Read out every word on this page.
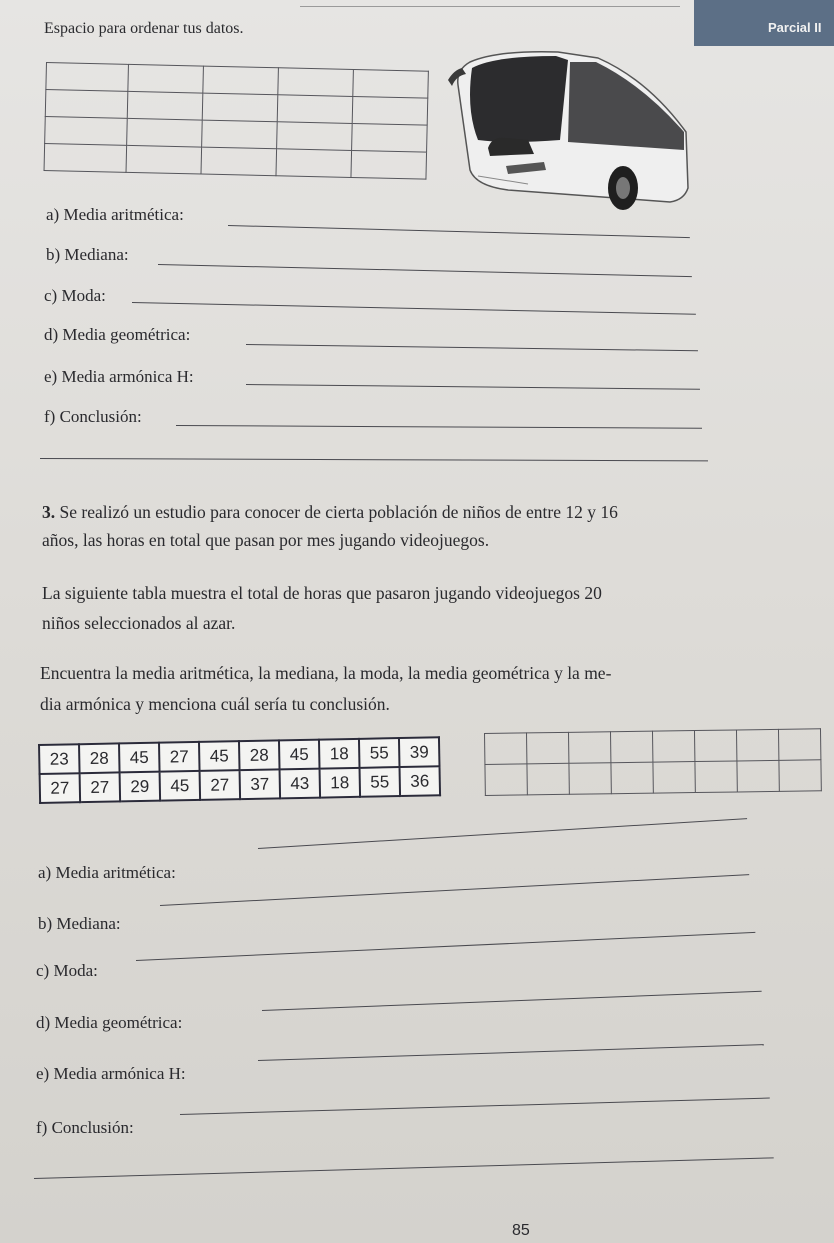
Parcial II
Espacio para ordenar tus datos.

a) Media aritmética:
b) Mediana:
c) Moda:
d) Media geométrica:
e) Media armónica H:
f) Conclusión:
3. Se realizó un estudio para conocer de cierta población de niños de entre 12 y 16
años, las horas en total que pasan por mes jugando videojuegos.
La siguiente tabla muestra el total de horas que pasaron jugando videojuegos 20
niños seleccionados al azar.
Encuentra la media aritmética, la mediana, la moda, la media geométrica y la me-
dia armónica y menciona cuál sería tu conclusión.
23	28	45	27	45	28	45	18	55	39
27	27	29	45	27	37	43	18	55	36

a) Media aritmética:
b) Mediana:
c) Moda:
d) Media geométrica:
e) Media armónica H:
f) Conclusión:
85
